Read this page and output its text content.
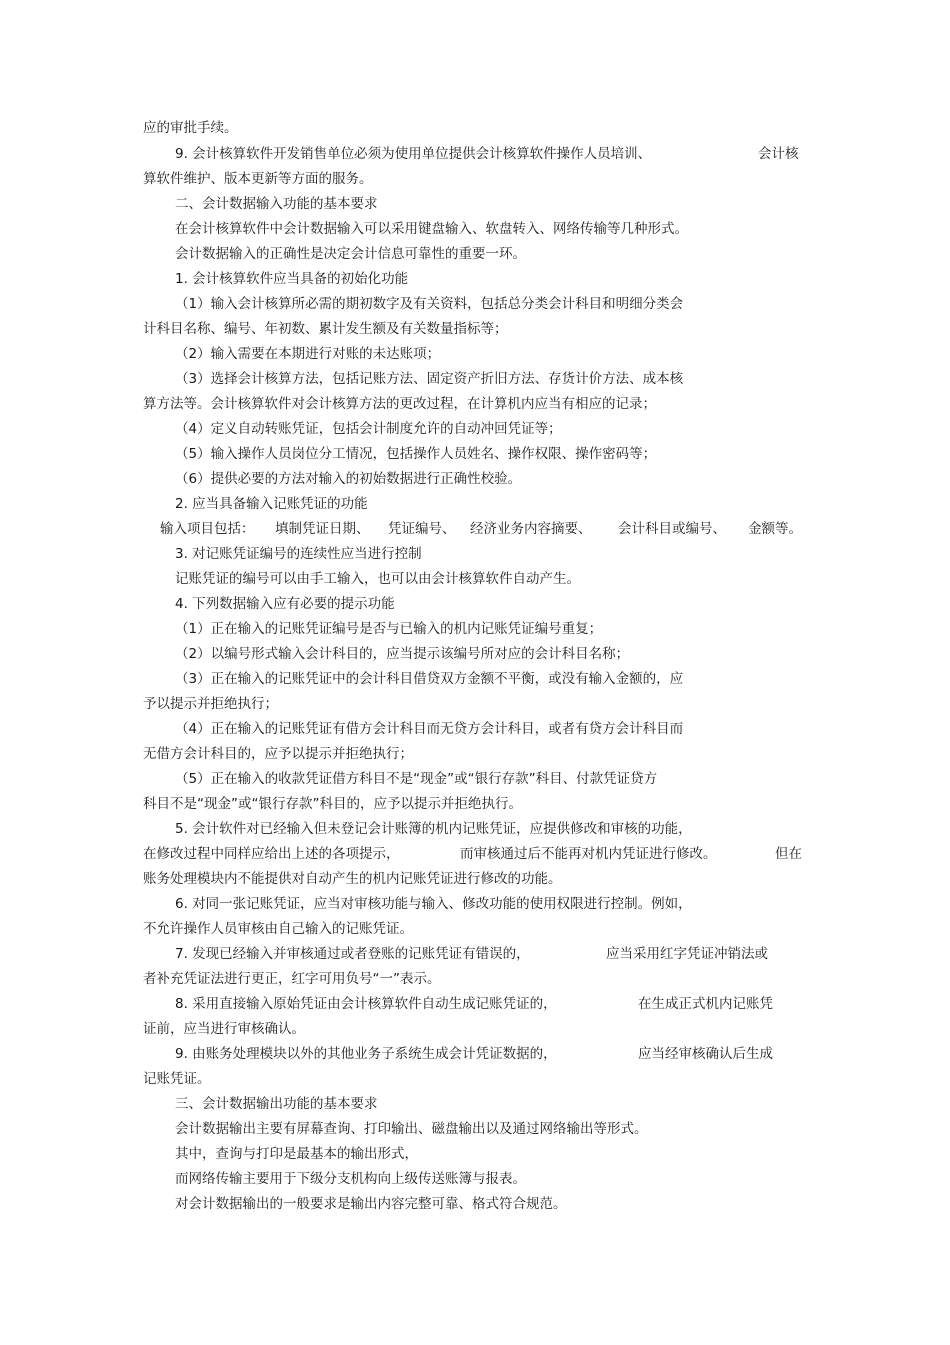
应的审批手续。
9. 会计核算软件开发销售单位必须为使用单位提供会计核算软件操作人员培训、	会计核
算软件维护、版本更新等方面的服务。
二、会计数据输入功能的基本要求
在会计核算软件中会计数据输入可以采用键盘输入、软盘转入、网络传输等几种形式。
会计数据输入的正确性是决定会计信息可靠性的重要一环。
1. 会计核算软件应当具备的初始化功能
（1）输入会计核算所必需的期初数字及有关资料，包括总分类会计科目和明细分类会
计科目名称、编号、年初数、累计发生额及有关数量指标等；
（2）输入需要在本期进行对账的未达账项；
（3）选择会计核算方法，包括记账方法、固定资产折旧方法、存货计价方法、成本核
算方法等。会计核算软件对会计核算方法的更改过程，在计算机内应当有相应的记录；
（4）定义自动转账凭证，包括会计制度允许的自动冲回凭证等；
（5）输入操作人员岗位分工情况，包括操作人员姓名、操作权限、操作密码等；
（6）提供必要的方法对输入的初始数据进行正确性校验。
2. 应当具备输入记账凭证的功能
输入项目包括： 填制凭证日期、 凭证编号、 经济业务内容摘要、 会计科目或编号、 金额等。
3. 对记账凭证编号的连续性应当进行控制
记账凭证的编号可以由手工输入，也可以由会计核算软件自动产生。
4. 下列数据输入应有必要的提示功能
（1）正在输入的记账凭证编号是否与已输入的机内记账凭证编号重复；
（2）以编号形式输入会计科目的，应当提示该编号所对应的会计科目名称；
（3）正在输入的记账凭证中的会计科目借贷双方金额不平衡，或没有输入金额的，应
予以提示并拒绝执行；
（4）正在输入的记账凭证有借方会计科目而无贷方会计科目，或者有贷方会计科目而
无借方会计科目的，应予以提示并拒绝执行；
（5）正在输入的收款凭证借方科目不是“现金”或“银行存款”科目、付款凭证贷方
科目不是“现金”或“银行存款”科目的，应予以提示并拒绝执行。
5. 会计软件对已经输入但未登记会计账簿的机内记账凭证，应提供修改和审核的功能，
在修改过程中同样应给出上述的各项提示，	而审核通过后不能再对机内凭证进行修改。	但在
账务处理模块内不能提供对自动产生的机内记账凭证进行修改的功能。
6. 对同一张记账凭证，应当对审核功能与输入、修改功能的使用权限进行控制。例如，
不允许操作人员审核由自己输入的记账凭证。
7. 发现已经输入并审核通过或者登账的记账凭证有错误的，	应当采用红字凭证冲销法或
者补充凭证法进行更正，红字可用负号“一”表示。
8. 采用直接输入原始凭证由会计核算软件自动生成记账凭证的，	在生成正式机内记账凭
证前，应当进行审核确认。
9. 由账务处理模块以外的其他业务子系统生成会计凭证数据的，	应当经审核确认后生成
记账凭证。
三、会计数据输出功能的基本要求
会计数据输出主要有屏幕查询、打印输出、磁盘输出以及通过网络输出等形式。
其中，查询与打印是最基本的输出形式，
而网络传输主要用于下级分支机构向上级传送账簿与报表。
对会计数据输出的一般要求是输出内容完整可靠、格式符合规范。
